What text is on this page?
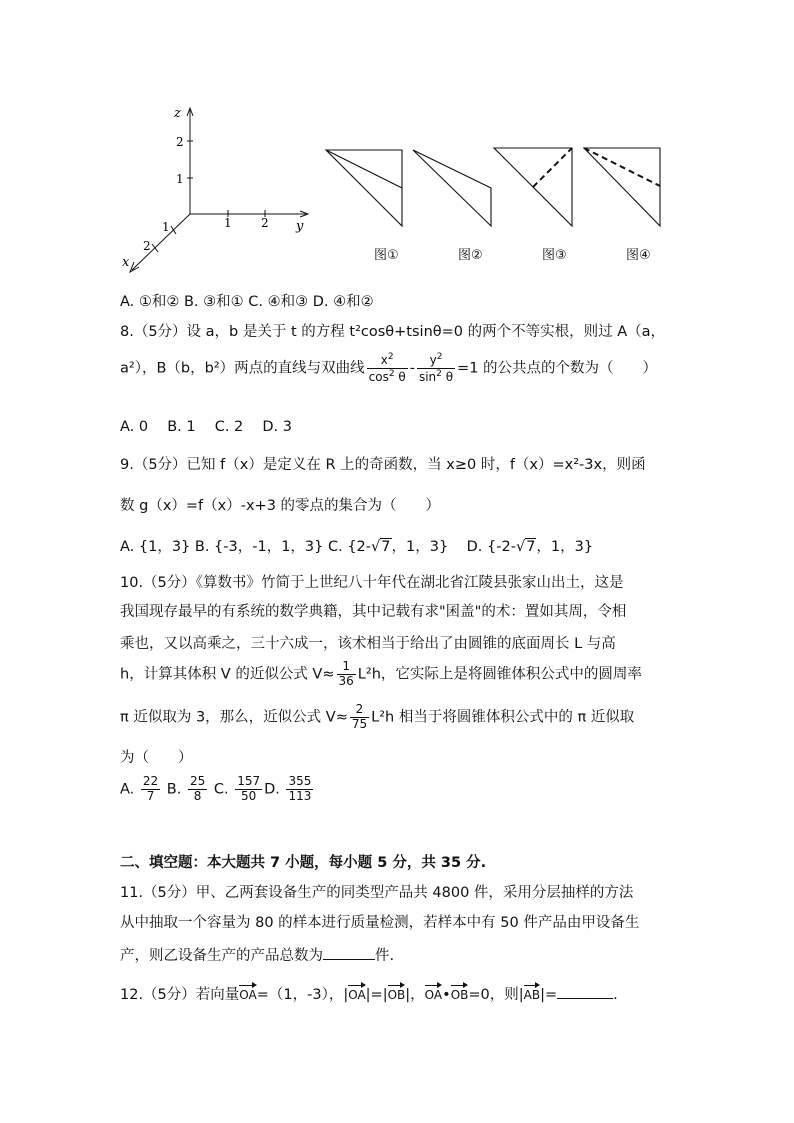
z
2
1
1 2 y
1
2
x	图①	图②	图③	图④
A. ①和② B. ③和① C. ④和③ D. ④和②
8.（5分）设 a，b 是关于 t 的方程 t²cosθ+tsinθ=0 的两个不等实根，则过 A（a，
a²），B（b，b²）两点的直线与双曲线 $\frac{x^2}{\cos^2 \theta} - \frac{y^2}{\sin^2 \theta} =1$ 的公共点的个数为（　　）
A. 0　 B. 1　 C. 2　 D. 3
9.（5分）已知 f（x）是定义在 R 上的奇函数，当 x≥0 时，f（x）=x²-3x，则函
数 g（x）=f（x）-x+3 的零点的集合为（　　）
A. {1，3} B. {-3，-1，1，3} C. {2-√7，1，3} D. {-2-√7，1，3}
10.（5分）《算数书》竹简于上世纪八十年代在湖北省江陵县张家山出土，这是
我国现存最早的有系统的数学典籍，其中记载有求"囷盖"的术：置如其周，令相
乘也，又以高乘之，三十六成一，该术相当于给出了由圆锥的底面周长 L 与高
h，计算其体积 V 的近似公式 $V\approx \frac{1}{36} L^2h$，它实际上是将圆锥体积公式中的圆周率
π 近似取为 3，那么，近似公式 $V\approx \frac{2}{75} L^2h$ 相当于将圆锥体积公式中的 π 近似取
为（　　）
A. $\frac{22}{7} B$. $\frac{25}{8} C$. $\frac{157}{50} D$. $\frac{355}{113}$
二、填空题：本大题共 7 小题，每小题 5 分，共 35 分.
11.（5分）甲、乙两套设备生产的同类型产品共 4800 件，采用分层抽样的方法
从中抽取一个容量为 80 的样本进行质量检测，若样本中有 50 件产品由甲设备生
产，则乙设备生产的产品总数为	件.
12.（5分）若向量OA=（1，-3），|OA|=|OB|，OA•OB=0，则|AB|=	.
